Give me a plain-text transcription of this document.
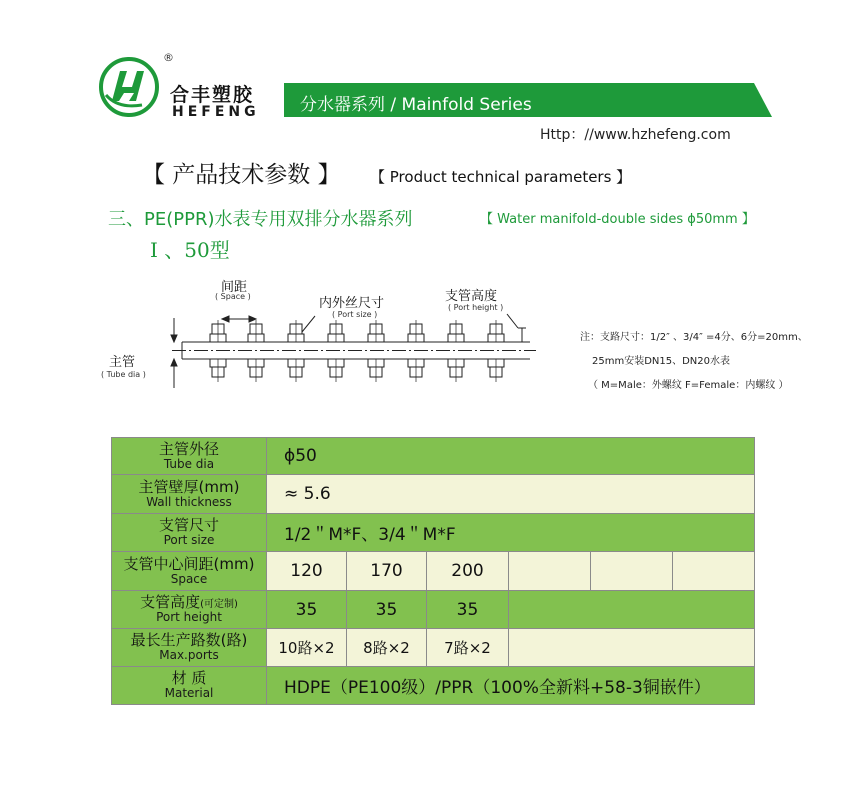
®
合丰塑胶
HEFENG 分水器系列 / Mainfold Series
Http：//www.hzhefeng.com
【 产品技术参数 】 【 Product technical parameters 】
三、PE(PPR)水表专用双排分水器系列	【 Water manifold-double sides ϕ50mm 】
Ⅰ 、50型
间距
( Space )	内外丝尺寸
( Port size )
支管高度
( Port height )
主管
( Tube dia )
注：支路尺寸：1/2″ 、3/4″ =4分、6分=20mm、
25mm安装DN15、DN20水表
（ M=Male：外螺纹 F=Female：内螺纹 ）
主管外径
Tube dia	ϕ50					

主管壁厚(mm)
Wall thickness	≈ 5.6					

支管尺寸
Port size	1/2＂M*F、3/4＂M*F					

支管中心间距(mm)
Space	120	170	200			

支管高度(可定制)
Port height	35	35	35			

最长生产路数(路)
Max.ports	10路×2	8路×2	7路×2			

材 质
Material	HDPE（PE100级）/PPR（100%全新料+58-3铜嵌件）					
